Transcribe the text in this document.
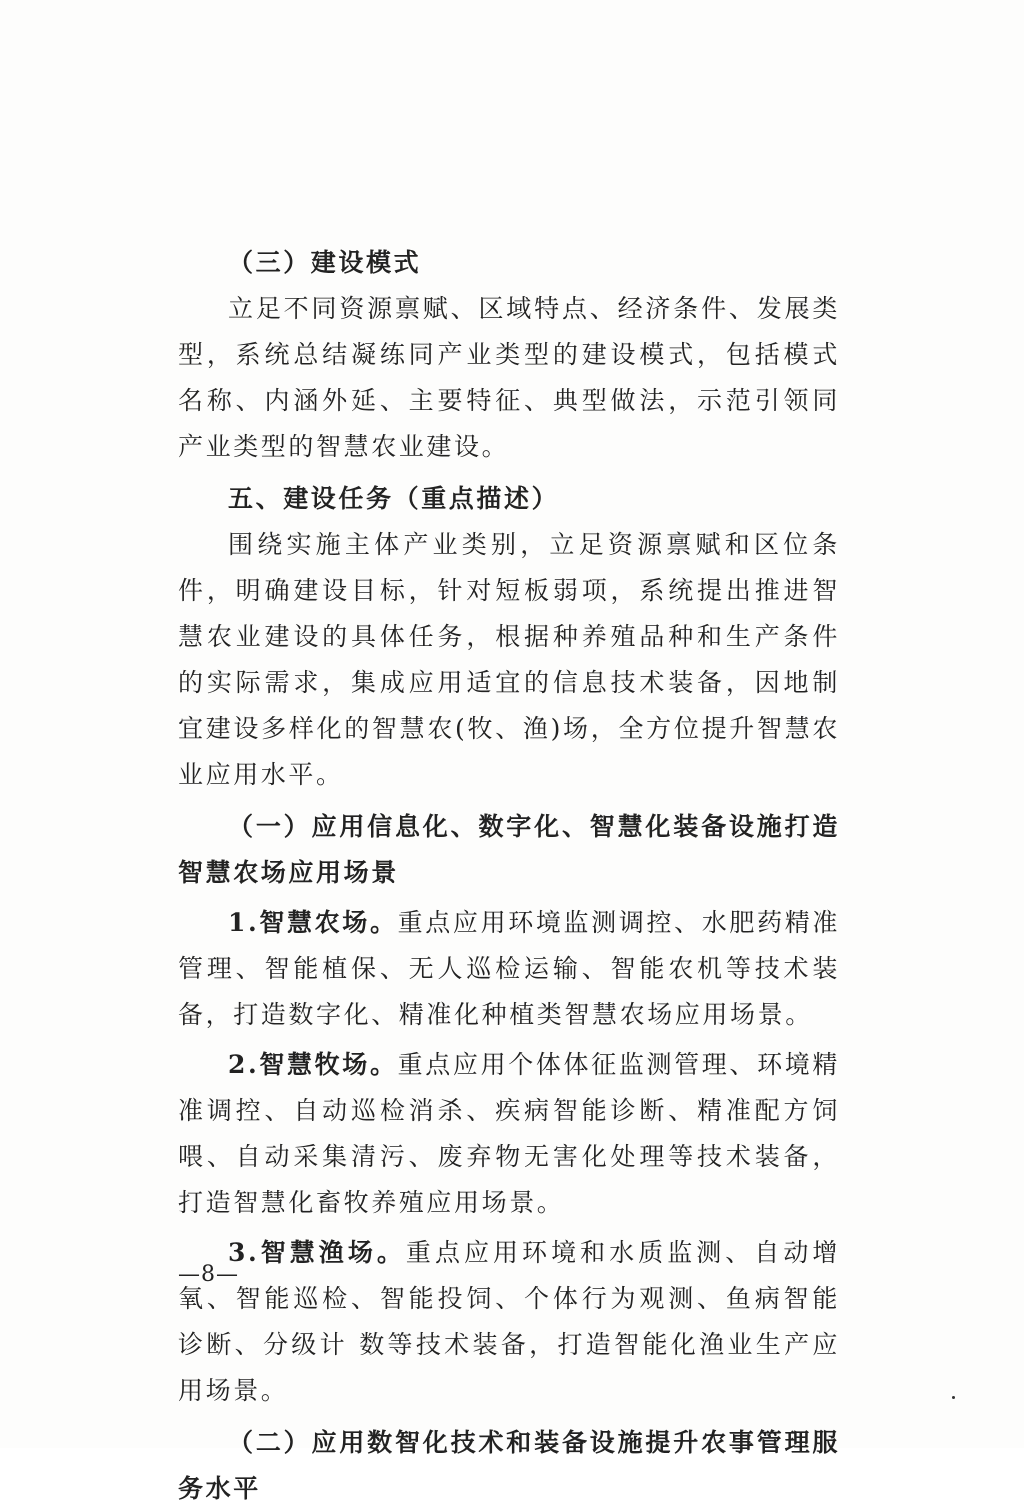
（三）建设模式

立足不同资源禀赋、区域特点、经济条件、发展类型，系统总结凝练同产业类型的建设模式，包括模式名称、内涵外延、主要特征、典型做法，示范引领同产业类型的智慧农业建设。

五、建设任务（重点描述）

围绕实施主体产业类别，立足资源禀赋和区位条件，明确建设目标，针对短板弱项，系统提出推进智慧农业建设的具体任务，根据种养殖品种和生产条件的实际需求，集成应用适宜的信息技术装备，因地制宜建设多样化的智慧农(牧、渔)场，全方位提升智慧农业应用水平。

（一）应用信息化、数字化、智慧化装备设施打造智慧农场应用场景

1.智慧农场。重点应用环境监测调控、水肥药精准管理、智能植保、无人巡检运输、智能农机等技术装备，打造数字化、精准化种植类智慧农场应用场景。

2.智慧牧场。重点应用个体体征监测管理、环境精准调控、自动巡检消杀、疾病智能诊断、精准配方饲喂、自动采集清污、废弃物无害化处理等技术装备，打造智慧化畜牧养殖应用场景。

3.智慧渔场。重点应用环境和水质监测、自动增氧、智能巡检、智能投饲、个体行为观测、鱼病智能诊断、分级计 数等技术装备，打造智能化渔业生产应用场景。

（二）应用数智化技术和装备设施提升农事管理服务水平

—8—
